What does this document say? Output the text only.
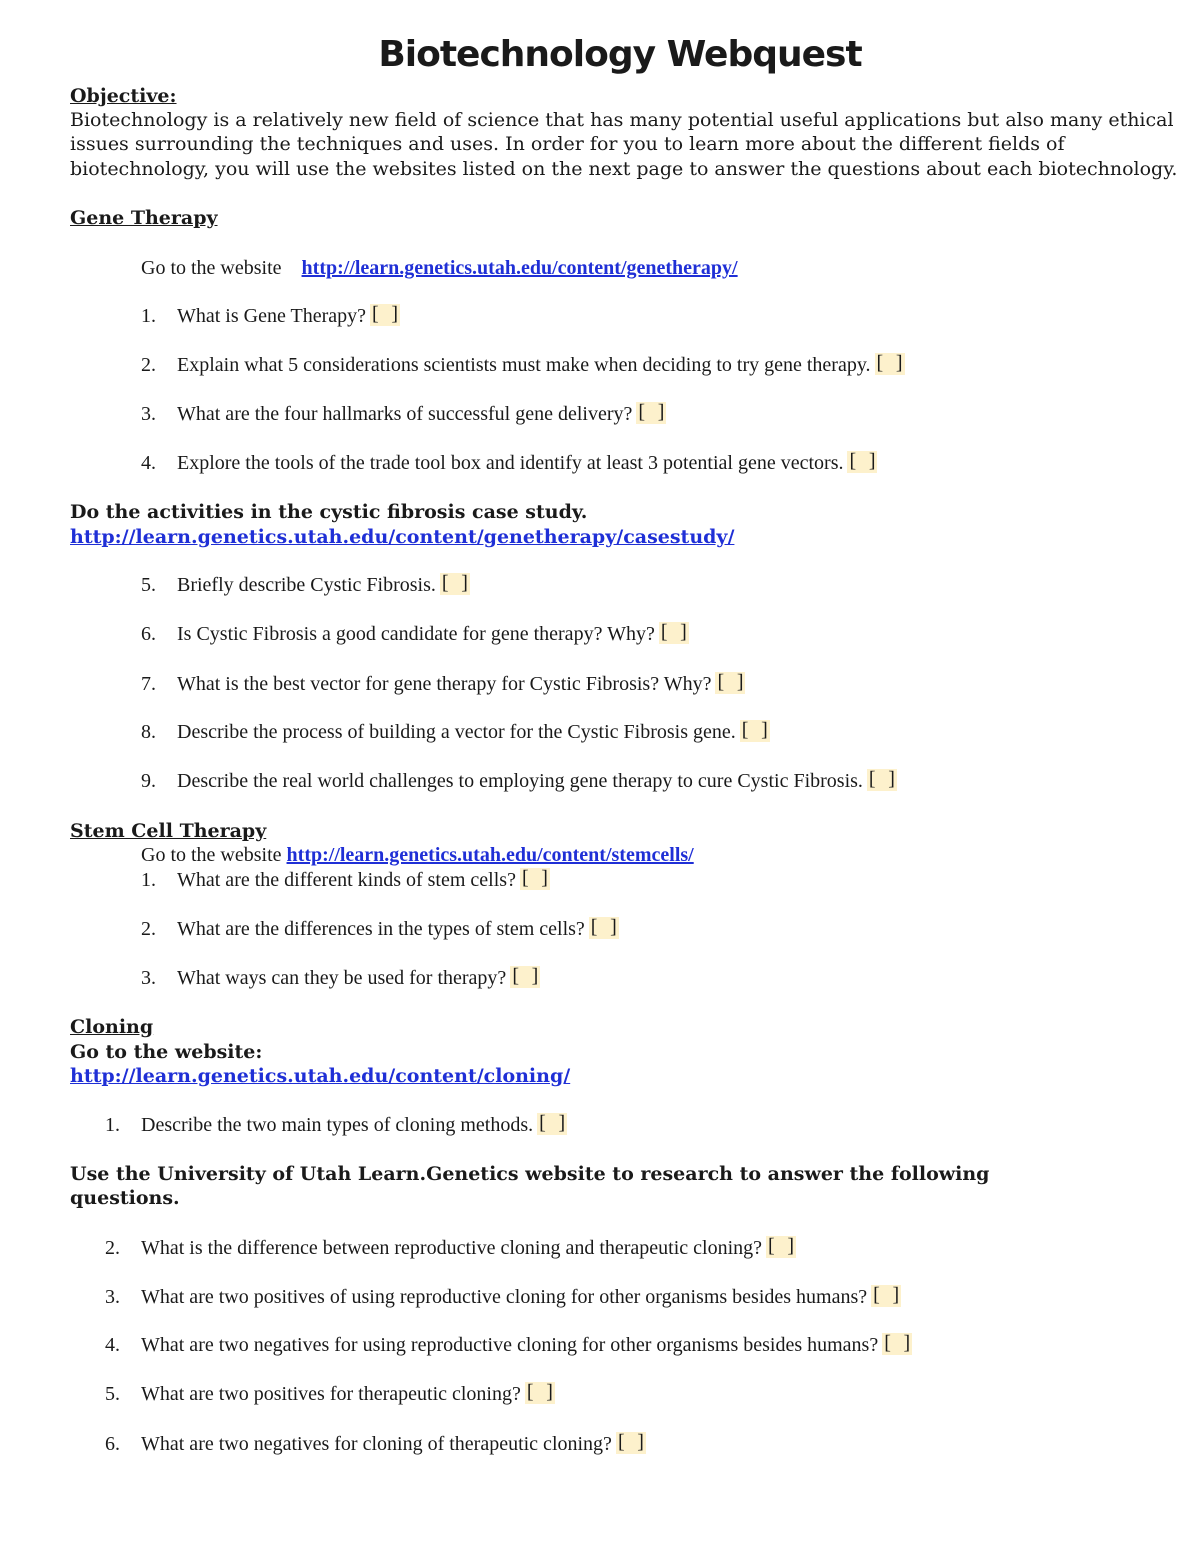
Biotechnology Webquest
Objective:
Biotechnology is a relatively new field of science that has many potential useful applications but also many ethical
issues surrounding the techniques and uses. In order for you to learn more about the different fields of
biotechnology, you will use the websites listed on the next page to answer the questions about each biotechnology.
Gene Therapy
Go to the website http://learn.genetics.utah.edu/content/genetherapy/
1. What is Gene Therapy?[ ]
2. Explain what 5 considerations scientists must make when deciding to try gene therapy.[ ]
3. What are the four hallmarks of successful gene delivery?[ ]
4. Explore the tools of the trade tool box and identify at least 3 potential gene vectors.[ ]
Do the activities in the cystic fibrosis case study.
http://learn.genetics.utah.edu/content/genetherapy/casestudy/
5. Briefly describe Cystic Fibrosis.[ ]
6. Is Cystic Fibrosis a good candidate for gene therapy? Why?[ ]
7. What is the best vector for gene therapy for Cystic Fibrosis? Why?[ ]
8. Describe the process of building a vector for the Cystic Fibrosis gene.[ ]
9. Describe the real world challenges to employing gene therapy to cure Cystic Fibrosis.[ ]
Stem Cell Therapy
Go to the website http://learn.genetics.utah.edu/content/stemcells/
1. What are the different kinds of stem cells?[ ]
2. What are the differences in the types of stem cells?[ ]
3. What ways can they be used for therapy?[ ]
Cloning
Go to the website:
http://learn.genetics.utah.edu/content/cloning/
1. Describe the two main types of cloning methods.[ ]
Use the University of Utah Learn.Genetics website to research to answer the following
questions.
2. What is the difference between reproductive cloning and therapeutic cloning?[ ]
3. What are two positives of using reproductive cloning for other organisms besides humans?[ ]
4. What are two negatives for using reproductive cloning for other organisms besides humans?[ ]
5. What are two positives for therapeutic cloning?[ ]
6. What are two negatives for cloning of therapeutic cloning?[ ]
